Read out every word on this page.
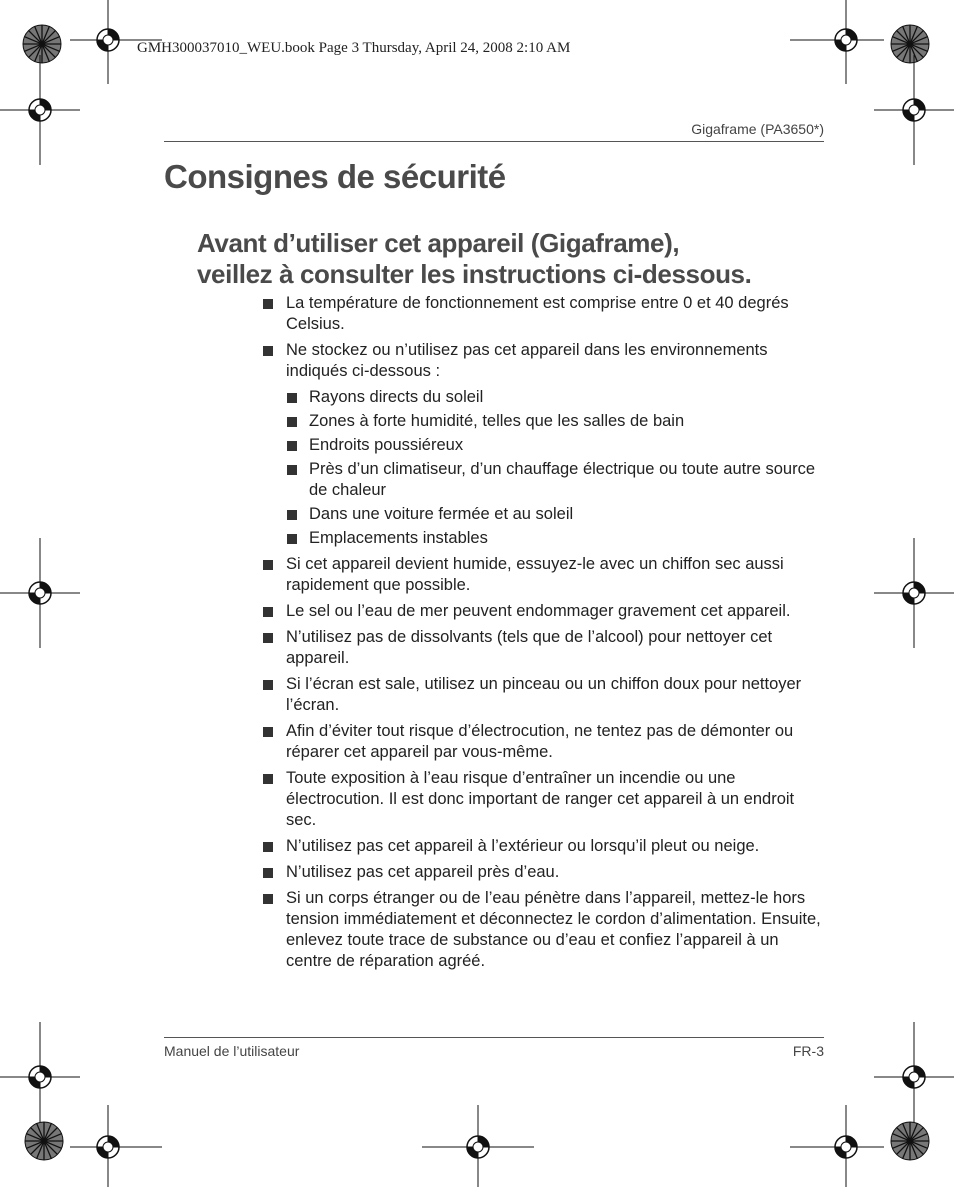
GMH300037010_WEU.book Page 3 Thursday, April 24, 2008 2:10 AM
Gigaframe (PA3650*)
Consignes de sécurité
Avant d’utiliser cet appareil (Gigaframe),
veillez à consulter les instructions ci-dessous.
La température de fonctionnement est comprise entre 0 et 40 degrés Celsius.
Ne stockez ou n’utilisez pas cet appareil dans les environnements indiqués ci-dessous :
Rayons directs du soleil
Zones à forte humidité, telles que les salles de bain
Endroits poussiéreux
Près d’un climatiseur, d’un chauffage électrique ou toute autre source de chaleur
Dans une voiture fermée et au soleil
Emplacements instables
Si cet appareil devient humide, essuyez-le avec un chiffon sec aussi rapidement que possible.
Le sel ou l’eau de mer peuvent endommager gravement cet appareil.
N’utilisez pas de dissolvants (tels que de l’alcool) pour nettoyer cet appareil.
Si l’écran est sale, utilisez un pinceau ou un chiffon doux pour nettoyer l’écran.
Afin d’éviter tout risque d’électrocution, ne tentez pas de démonter ou réparer cet appareil par vous-même.
Toute exposition à l’eau risque d’entraîner un incendie ou une électrocution. Il est donc important de ranger cet appareil à un endroit sec.
N’utilisez pas cet appareil à l’extérieur ou lorsqu’il pleut ou neige.
N’utilisez pas cet appareil près d’eau.
Si un corps étranger ou de l’eau pénètre dans l’appareil, mettez-le hors tension immédiatement et déconnectez le cordon d’alimentation. Ensuite, enlevez toute trace de substance ou d’eau et confiez l’appareil à un centre de réparation agréé.
Manuel de l’utilisateur	FR-3
